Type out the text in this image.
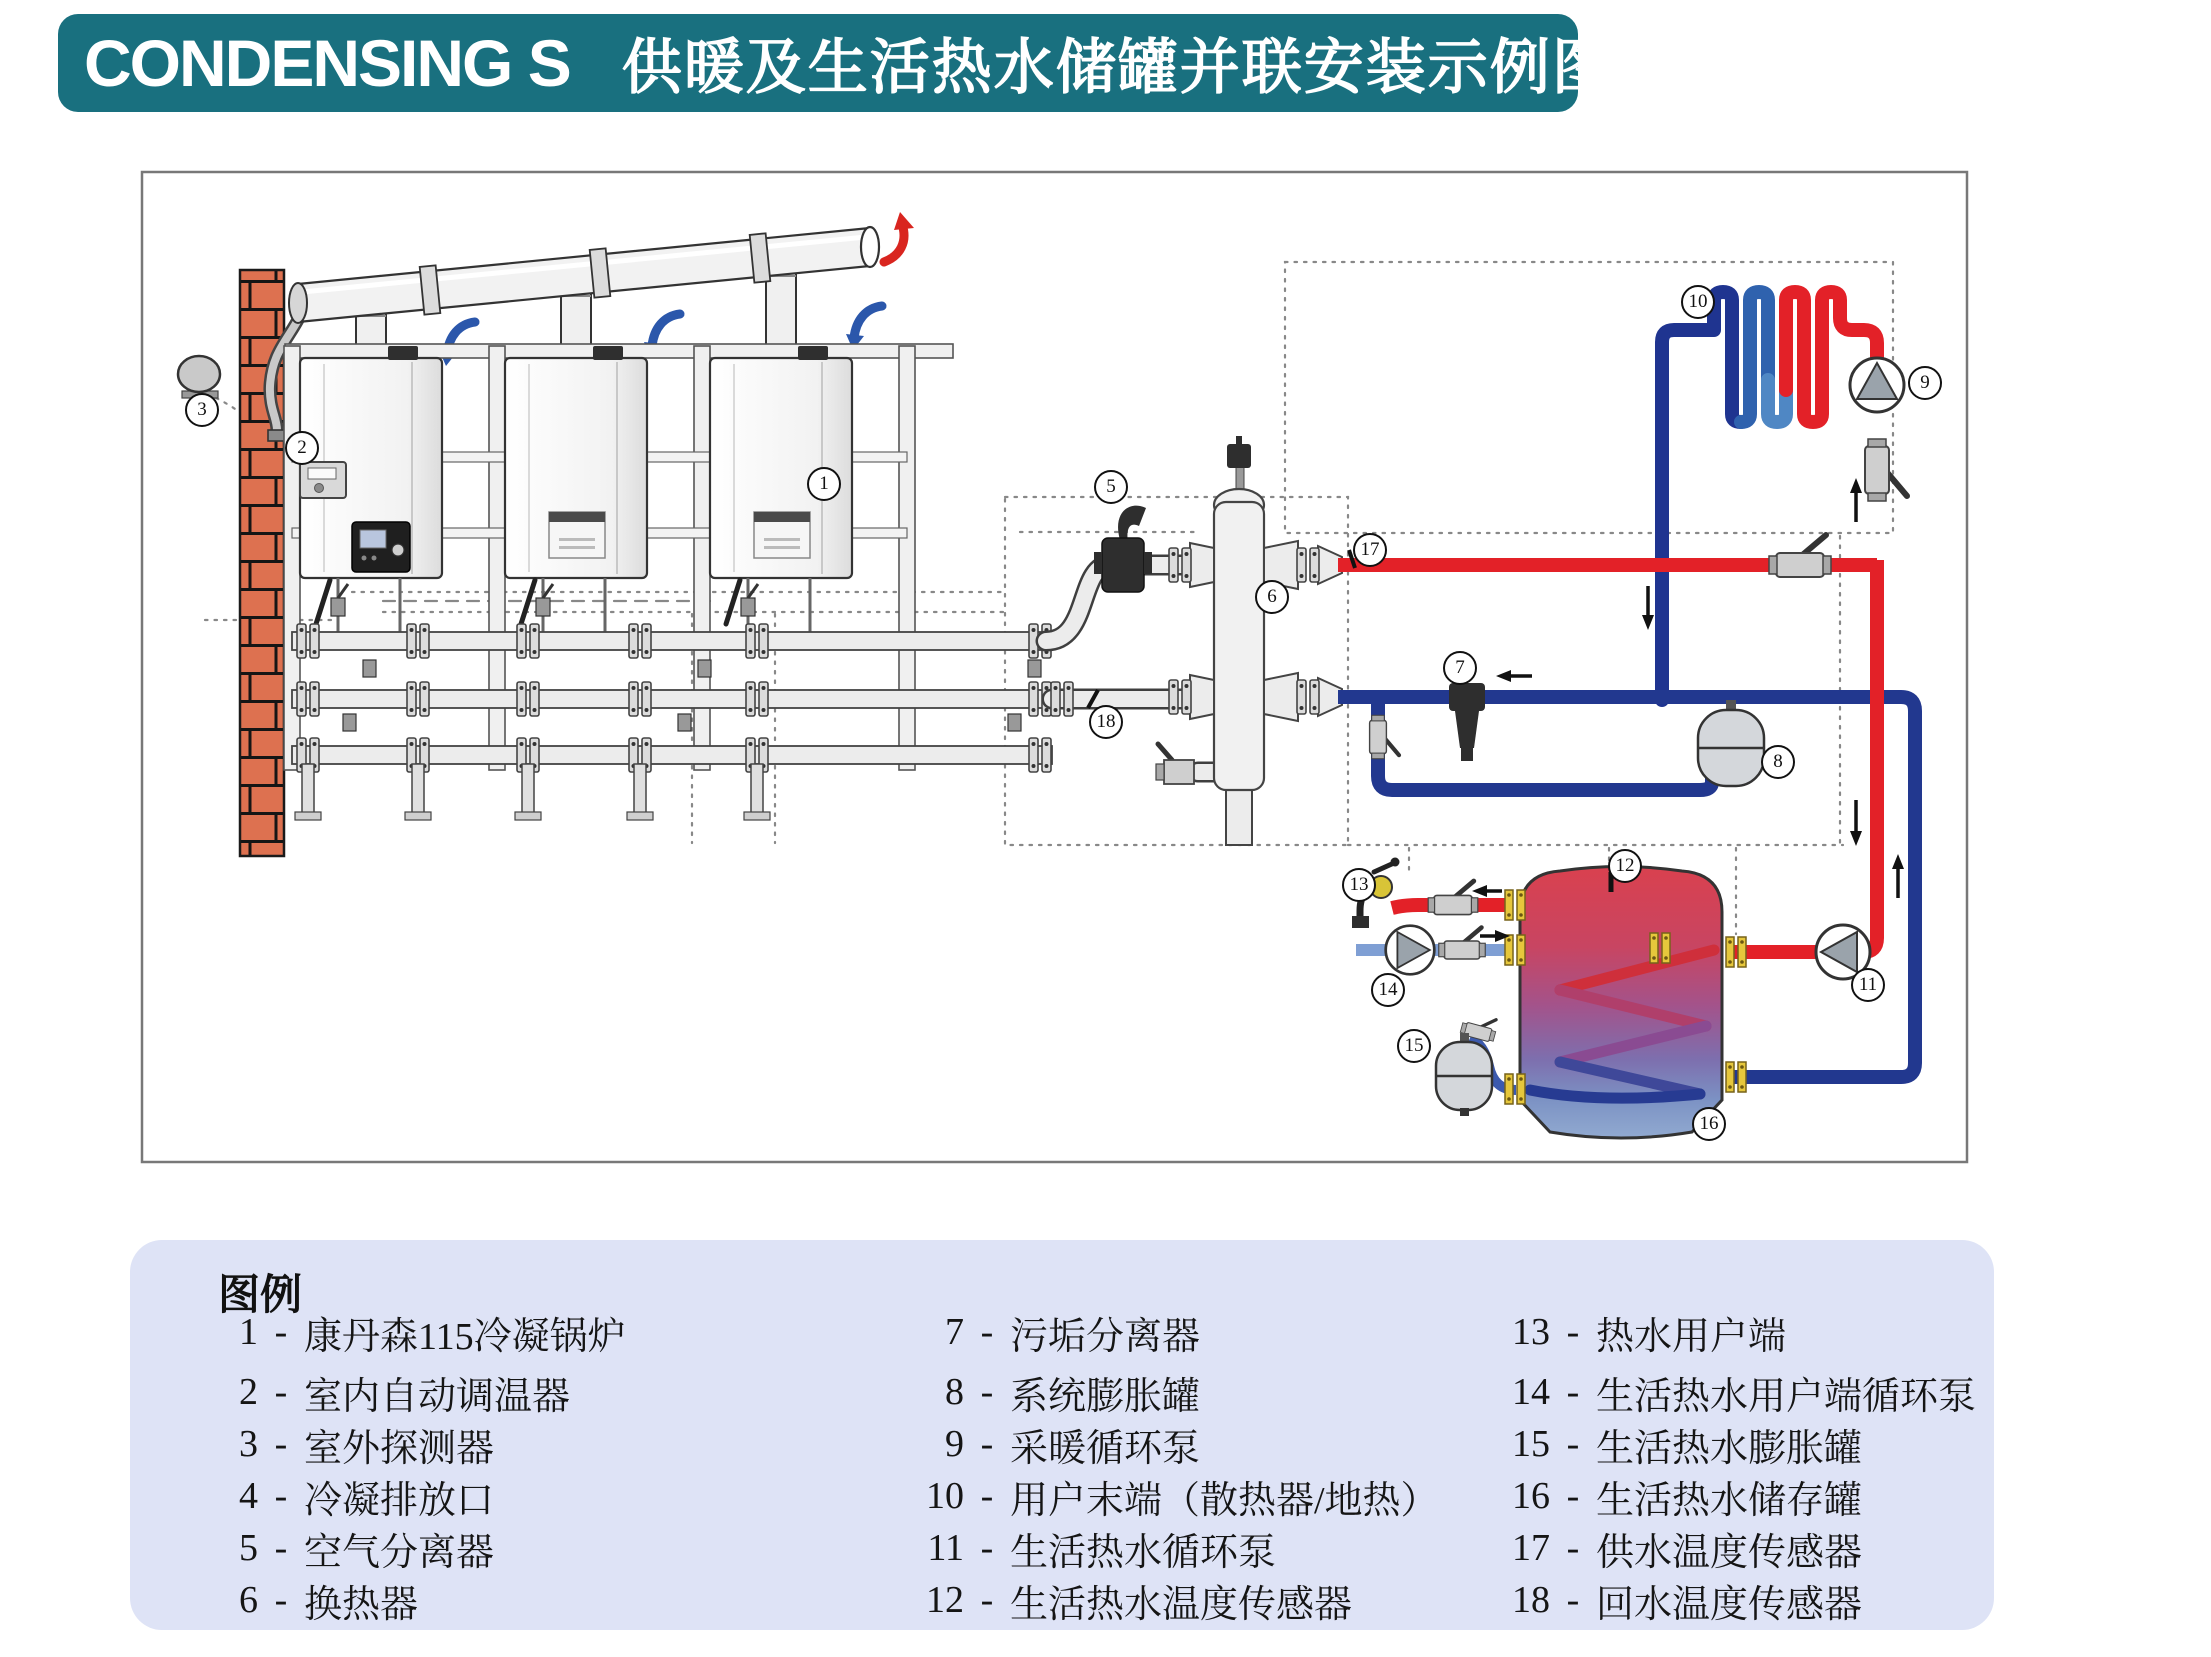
CONDENSING S 供暖及生活热水储罐并联安装示例图
1
2
3
5
6
7
8
9
10
11
12
13
14
15
16
17
18
图例
1 - 康丹森115冷凝锅炉
2 - 室内自动调温器
3 - 室外探测器
4 - 冷凝排放口
5 - 空气分离器
6 - 换热器
7 - 污垢分离器
8 - 系统膨胀罐
9 - 采暖循环泵
10 - 用户末端（散热器/地热）
11 - 生活热水循环泵
12 - 生活热水温度传感器
13 - 热水用户端
14 - 生活热水用户端循环泵
15 - 生活热水膨胀罐
16 - 生活热水储存罐
17 - 供水温度传感器
18 - 回水温度传感器
